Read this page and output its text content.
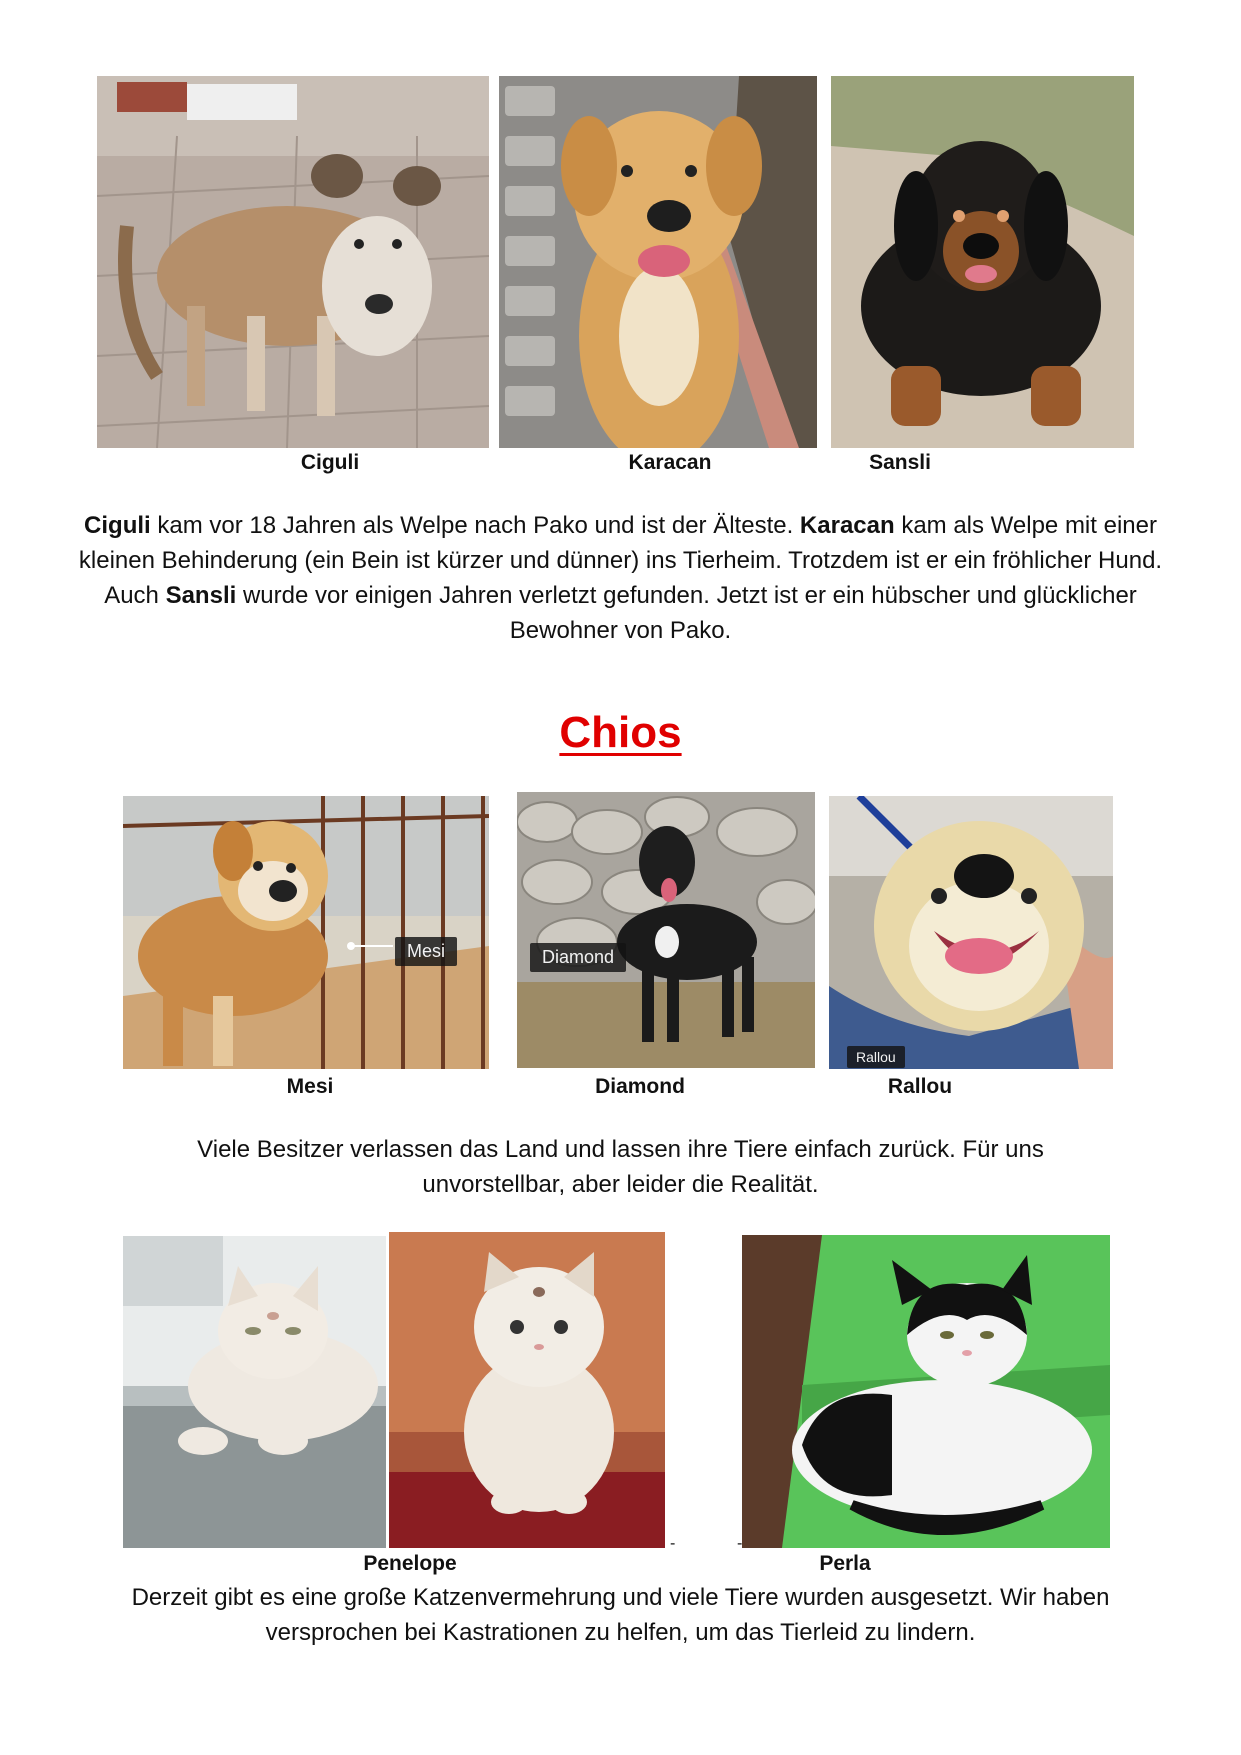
Ciguli	Karacan	Sansli

Ciguli kam vor 18 Jahren als Welpe nach Pako und ist der Älteste. Karacan kam als Welpe mit einer kleinen Behinderung (ein Bein ist kürzer und dünner) ins Tierheim. Trotzdem ist er ein fröhlicher Hund. Auch Sansli wurde vor einigen Jahren verletzt gefunden. Jetzt ist er ein hübscher und glücklicher Bewohner von Pako.

Chios
Mesi	Diamond
Rallou
Mesi	Diamond	Rallou

Viele Besitzer verlassen das Land und lassen ihre Tiere einfach zurück. Für uns unvorstellbar, aber leider die Realität.

Penelope
-	-
Perla

Derzeit gibt es eine große Katzenvermehrung und viele Tiere wurden ausgesetzt. Wir haben versprochen bei Kastrationen zu helfen, um das Tierleid zu lindern.
